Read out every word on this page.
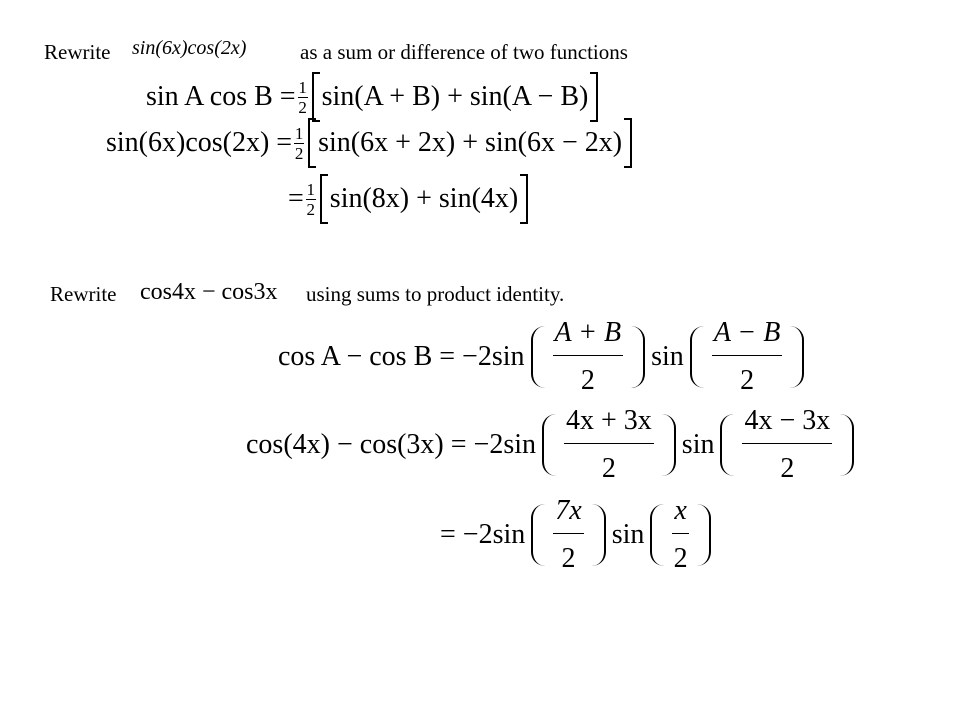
Rewrite sin(6x)cos(2x)	as a sum or difference of two functions
sin A $\cos B = \frac{1}{2} \sin(A + B) + \sin(A - B)$
$\sin(6x)\cos(2x) = \frac{1}{2} \sin(6x + 2x) + \sin(6x - 2x)$
= $\frac{1}{2} \sin(8x) + \sin(4x)$
Rewrite cos4x − cos3x using sums to product identity.
$\cos A - \cos B = -2\sin \frac{A + B}{2}$ $\sin \frac{A - B}{2}$
$\cos(4x) - \cos(3x) = -2\sin \frac{4x + 3x}{2}$ $\sin \frac{4x - 3x}{2}$
= $-2\sin \frac{7x}{2}$ $\sin \frac{x}{2}$
